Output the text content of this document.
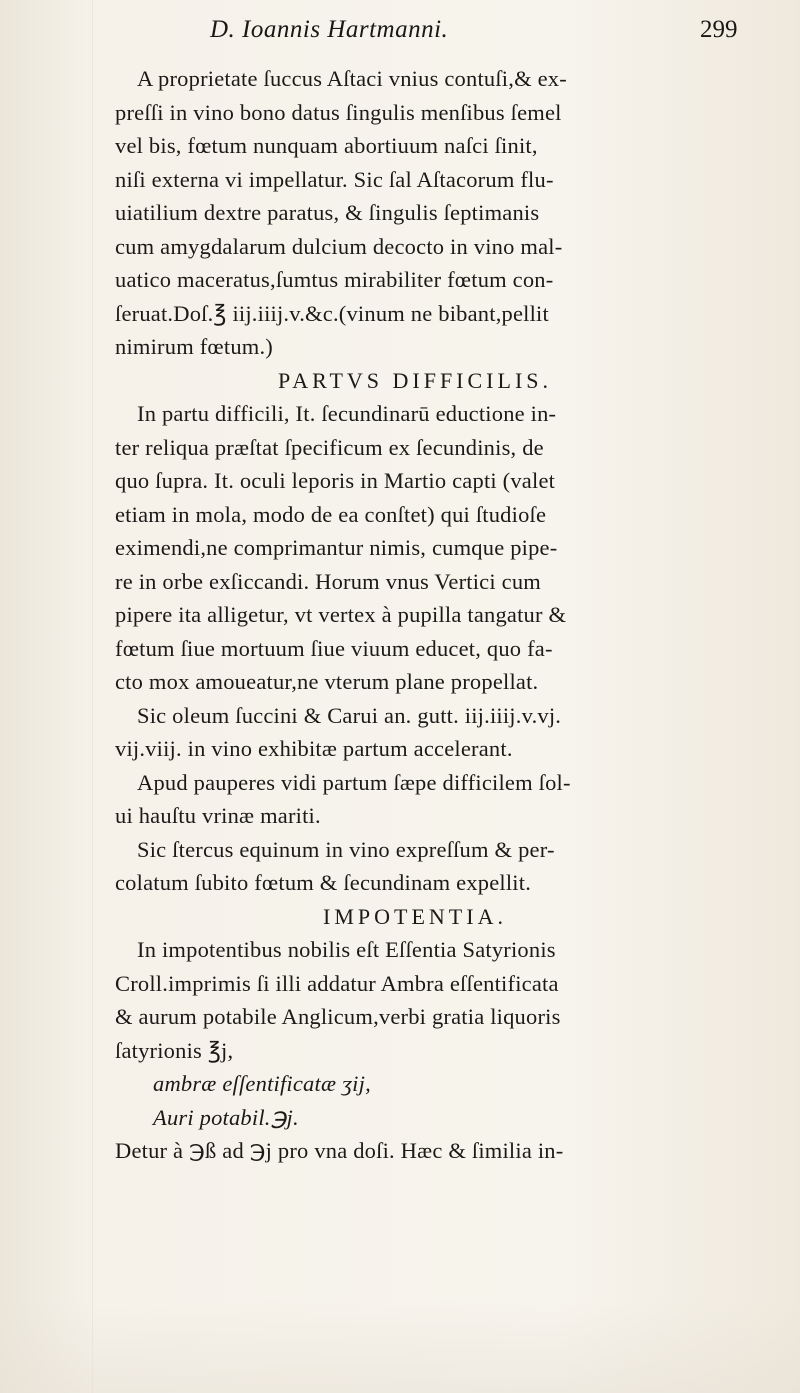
D. Ioannis Hartmanni.	299
A proprietate ſuccus Aſtaci vnius contuſi,& ex-
preſſi in vino bono datus ſingulis menſibus ſemel
vel bis, fœtum nunquam abortiuum naſci ſinit,
niſi externa vi impellatur. Sic ſal Aſtacorum flu-
uiatilium dextre paratus, & ſingulis ſeptimanis
cum amygdalarum dulcium decocto in vino mal-
uatico maceratus,ſumtus mirabiliter fœtum con-
ſeruat.Doſ.℥ iij.iiij.v.&c.(vinum ne bibant,pellit
nimirum fœtum.)
PARTVS DIFFICILIS.
In partu difficili, It. ſecundinarū eductione in-
ter reliqua præſtat ſpecificum ex ſecundinis, de
quo ſupra. It. oculi leporis in Martio capti (valet
etiam in mola, modo de ea conſtet) qui ſtudioſe
eximendi,ne comprimantur nimis, cumque pipe-
re in orbe exſiccandi. Horum vnus Vertici cum
pipere ita alligetur, vt vertex à pupilla tangatur &
fœtum ſiue mortuum ſiue viuum educet, quo fa-
cto mox amoueatur,ne vterum plane propellat.
Sic oleum ſuccini & Carui an. gutt. iij.iiij.v.vj.
vij.viij. in vino exhibitæ partum accelerant.
Apud pauperes vidi partum ſæpe difficilem ſol-
ui hauſtu vrinæ mariti.
Sic ſtercus equinum in vino expreſſum & per-
colatum ſubito fœtum & ſecundinam expellit.
IMPOTENTIA.
In impotentibus nobilis eſt Eſſentia Satyrionis
Croll.imprimis ſi illi addatur Ambra eſſentificata
& aurum potabile Anglicum,verbi gratia liquoris
ſatyrionis ℥j,
ambræ eſſentificatæ ʒij,
Auri potabil.℈j.
Detur à ℈ß ad ℈j pro vna doſi. Hæc & ſimilia in-
